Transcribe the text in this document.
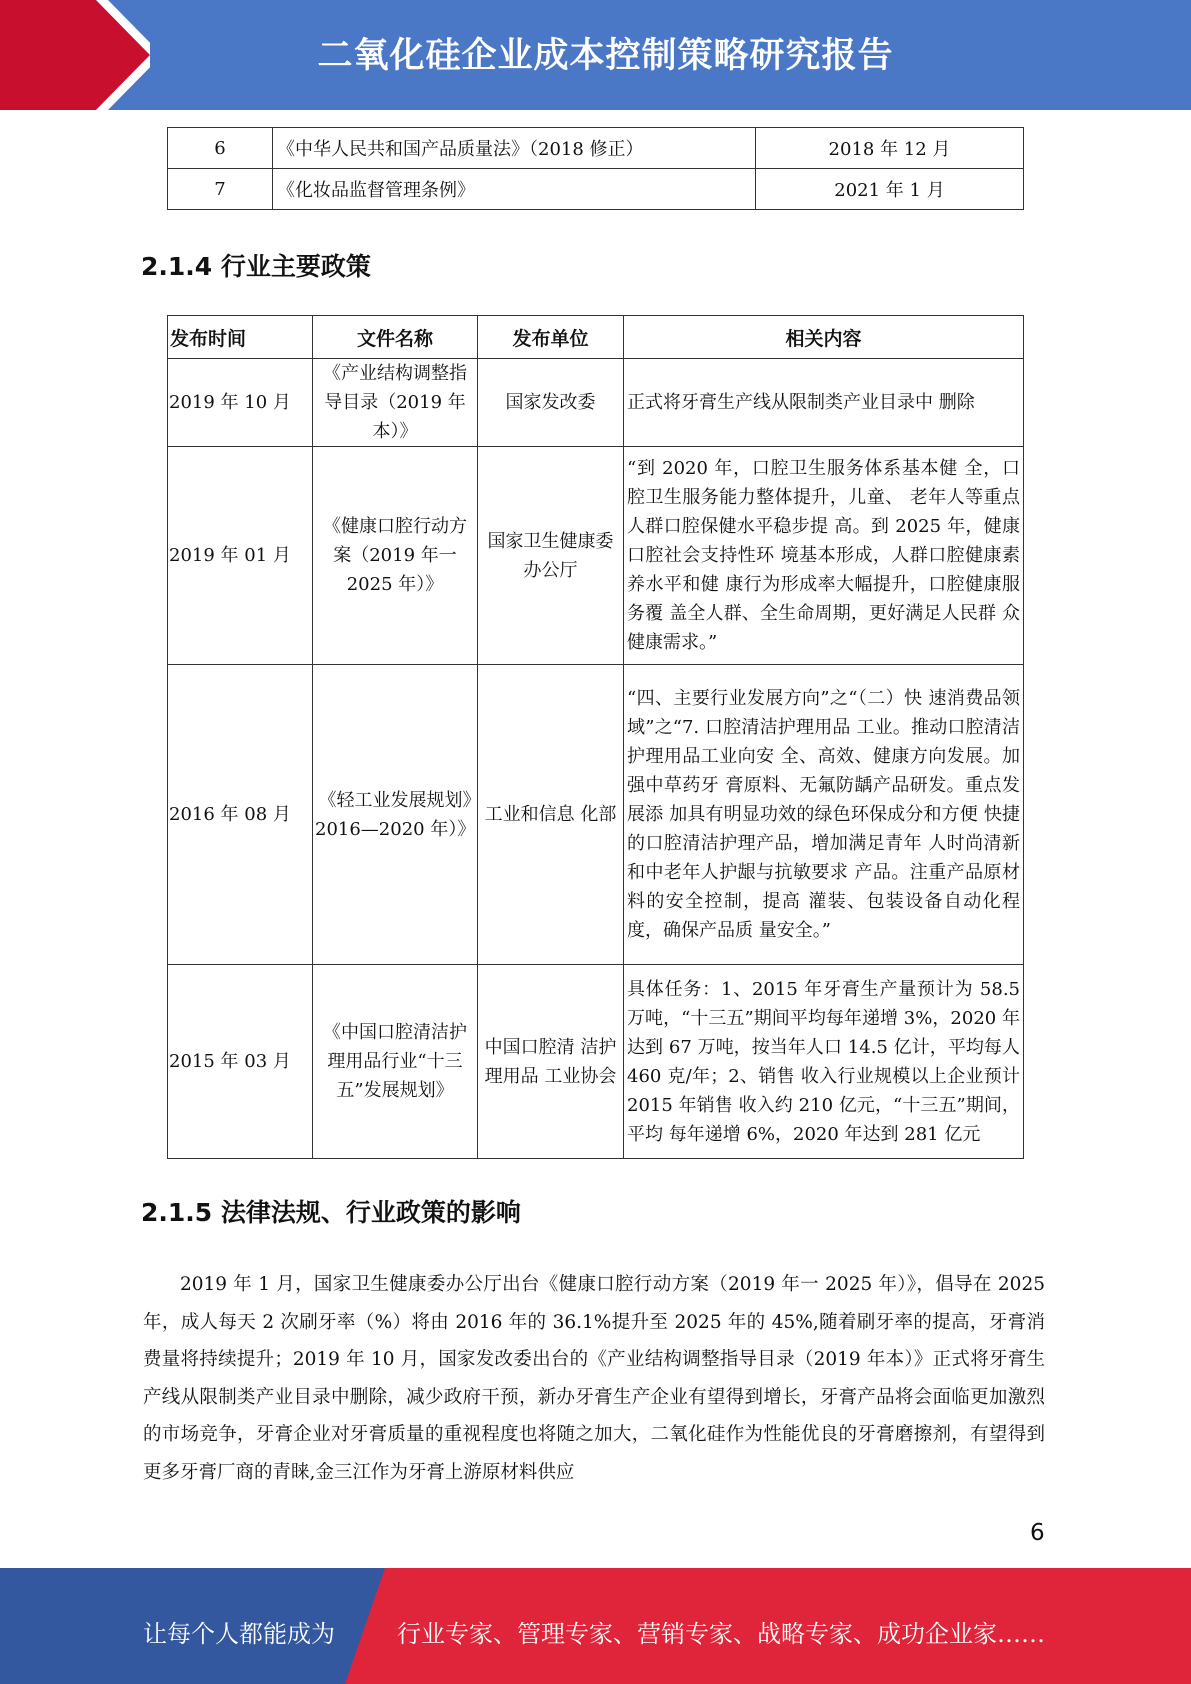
二氧化硅企业成本控制策略研究报告
6	《中华人民共和国产品质量法》（2018 修正）	2018 年 12 月
7	《化妆品监督管理条例》	2021 年 1 月
2.1.4 行业主要政策
发布时间	文件名称	发布单位	相关内容
2019 年 10 月	《产业结构调整指导目录（2019 年本）》	国家发改委	正式将牙膏生产线从限制类产业目录中 删除
2019 年 01 月	《健康口腔行动方案（2019 年一 2025 年）》	国家卫生健康委办公厅	“到 2020 年，口腔卫生服务体系基本健 全，口腔卫生服务能力整体提升，儿童、 老年人等重点人群口腔保健水平稳步提 高。到 2025 年，健康口腔社会支持性环 境基本形成，人群口腔健康素养水平和健 康行为形成率大幅提升，口腔健康服务覆 盖全人群、全生命周期，更好满足人民群 众健康需求。”
2016 年 08 月	《轻工业发展规划》2016—2020 年）》	工业和信息 化部	“四、主要行业发展方向”之“（二）快 速消费品领域”之“7. 口腔清洁护理用品 工业。推动口腔清洁护理用品工业向安 全、高效、健康方向发展。加强中草药牙 膏原料、无氟防龋产品研发。重点发展添 加具有明显功效的绿色环保成分和方便 快捷的口腔清洁护理产品，增加满足青年 人时尚清新和中老年人护龈与抗敏要求 产品。注重产品原材料的安全控制，提高 灌装、包装设备自动化程度，确保产品质 量安全。”
2015 年 03 月	《中国口腔清洁护理用品行业“十三五”发展规划》	中国口腔清 洁护理用品 工业协会	具体任务：1、2015 年牙膏生产量预计为 58.5 万吨，“十三五”期间平均每年递增 3%，2020 年达到 67 万吨，按当年人口 14.5 亿计，平均每人 460 克/年；2、销售 收入行业规模以上企业预计 2015 年销售 收入约 210 亿元，“十三五”期间，平均 每年递增 6%，2020 年达到 281 亿元
2.1.5 法律法规、行业政策的影响
2019 年 1 月，国家卫生健康委办公厅出台《健康口腔行动方案（2019 年一 2025 年）》，倡导在 2025 年，成人每天 2 次刷牙率（%）将由 2016 年的 36.1%提升至 2025 年的 45%,随着刷牙率的提高，牙膏消费量将持续提升；2019 年 10 月，国家发改委出台的《产业结构调整指导目录（2019 年本）》正式将牙膏生产线从限制类产业目录中删除，减少政府干预，新办牙膏生产企业有望得到增长，牙膏产品将会面临更加激烈的市场竞争，牙膏企业对牙膏质量的重视程度也将随之加大，二氧化硅作为性能优良的牙膏磨擦剂，有望得到更多牙膏厂商的青睐,金三江作为牙膏上游原材料供应
6
让每个人都能成为	行业专家、管理专家、营销专家、战略专家、成功企业家……
